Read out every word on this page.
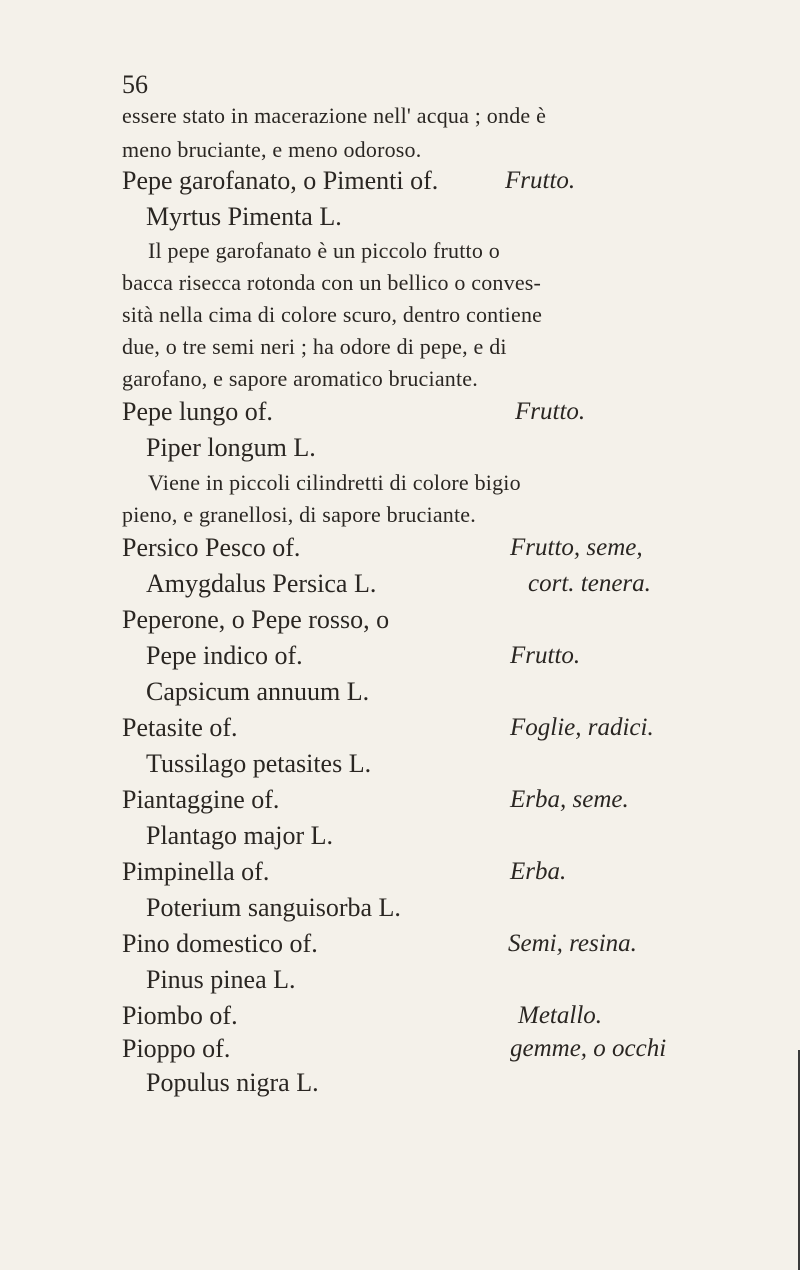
56
essere stato in macerazione nell' acqua ; onde è
meno bruciante, e meno odoroso.
Pepe garofanato, o Pimenti of.	Frutto.
Myrtus Pimenta L.
Il pepe garofanato è un piccolo frutto o
bacca risecca rotonda con un bellico o conves-
sità nella cima di colore scuro, dentro contiene
due, o tre semi neri ; ha odore di pepe, e di
garofano, e sapore aromatico bruciante.
Pepe lungo of.	Frutto.
Piper longum L.
Viene in piccoli cilindretti di colore bigio
pieno, e granellosi, di sapore bruciante.
Persico Pesco of.	Frutto, seme,
Amygdalus Persica L.	cort. tenera.
Peperone, o Pepe rosso, o
Pepe indico of.	Frutto.
Capsicum annuum L.
Petasite of.	Foglie, radici.
Tussilago petasites L.
Piantaggine of.	Erba, seme.
Plantago major L.
Pimpinella of.	Erba.
Poterium sanguisorba L.
Pino domestico of.	Semi, resina.
Pinus pinea L.
Piombo of.	Metallo.
Pioppo of.	gemme, o occhi
Populus nigra L.
